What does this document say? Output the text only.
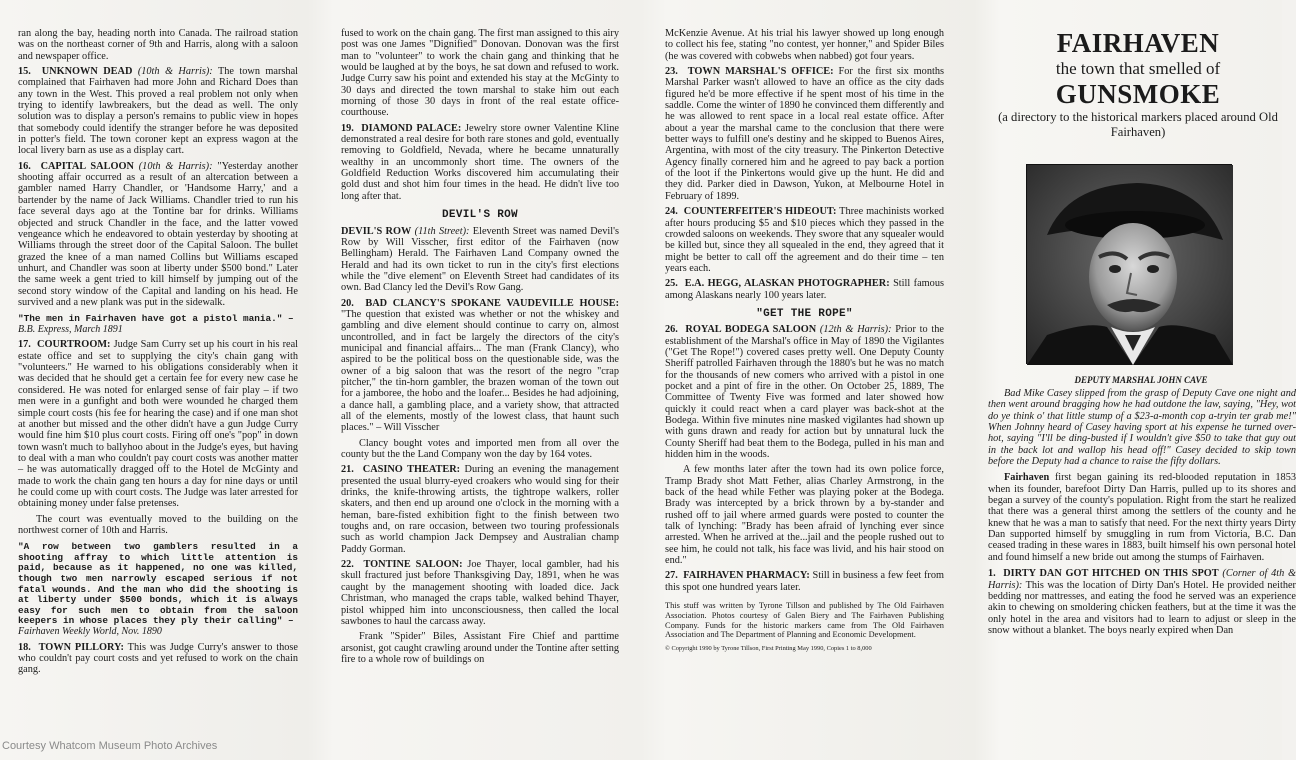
ran along the bay, heading north into Canada. The railroad station was on the northeast corner of 9th and Harris, along with a saloon and newspaper office.

15. UNKNOWN DEAD (10th & Harris): The town marshal complained that Fairhaven had more John and Richard Does than any town in the West. This proved a real problem not only when trying to identify lawbreakers, but the dead as well. The only solution was to display a person's remains to public view in hopes that somebody could identify the stranger before he was deposited in potter's field. The town coroner kept an express wagon at the local livery barn as use as a display cart.

16. CAPITAL SALOON (10th & Harris): "Yesterday another shooting affair occurred as a result of an altercation between a gambler named Harry Chandler, or 'Handsome Harry,' and a bartender by the name of Jack Williams. Chandler tried to run his face several days ago at the Tontine bar for drinks. Williams objected and struck Chandler in the face, and the latter vowed vengeance which he endeavored to obtain yesterday by shooting at Williams through the street door of the Capital Saloon. The bullet grazed the knee of a man named Collins but Williams escaped unhurt, and Chandler was soon at liberty under $500 bond." Later the same week a gent tried to kill himself by jumping out of the second story window of the Capital and landing on his head. He survived and a new plank was put in the sidewalk.

"The men in Fairhaven have got a pistol mania." –
B.B. Express, March 1891

17. COURTROOM: Judge Sam Curry set up his court in his real estate office and set to supplying the city's chain gang with "volunteers." He warned to his obligations considerably when it was decided that he should get a certain fee for every new case he considered. He was noted for enlarged sense of fair play – if two men were in a gunfight and both were wounded he charged them simple court costs (his fee for hearing the case) and if one man shot at another but missed and the other didn't have a gun Judge Curry would fine him $10 plus court costs. Firing off one's "pop" in down town wasn't much to ballyhoo about in the Judge's eyes, but having to deal with a man who couldn't pay court costs was another matter – he was automatically dragged off to the Hotel de McGinty and made to work the chain gang ten hours a day for nine days or until he could come up with court costs. The Judge was later arrested for obtaining money under false pretenses.

The court was eventually moved to the building on the northwest corner of 10th and Harris.

"A row between two gamblers resulted in a shooting affray to which little attention is paid, because as it happened, no one was killed, though two men narrowly escaped serious if not fatal wounds. And the man who did the shooting is at liberty under $500 bonds, which it is always easy for such men to obtain from the saloon keepers in whose places they ply their calling" –
Fairhaven Weekly World, Nov. 1890

18. TOWN PILLORY: This was Judge Curry's answer to those who couldn't pay court costs and yet refused to work on the chain gang.

fused to work on the chain gang. The first man assigned to this airy post was one James "Dignified" Donovan. Donovan was the first man to "volunteer" to work the chain gang and thinking that he would be laughed at by the boys, he sat down and refused to work. Judge Curry saw his point and extended his stay at the McGinty to 30 days and directed the town marshal to stake him out each morning of those 30 days in front of the real estate office-courthouse.

19. DIAMOND PALACE: Jewelry store owner Valentine Kline demonstrated a real desire for both rare stones and gold, eventually removing to Goldfield, Nevada, where he became unnaturally wealthy in an uncommonly short time. The owners of the Goldfield Reduction Works discovered him accumulating their gold dust and shot him four times in the head. He didn't live too long after that.

DEVIL'S ROW

DEVIL'S ROW (11th Street): Eleventh Street was named Devil's Row by Will Visscher, first editor of the Fairhaven (now Bellingham) Herald. The Fairhaven Land Company owned the Herald and had its own ticket to run in the city's first elections while the "dive element" on Eleventh Street had candidates of its own. Bad Clancy led the Devil's Row Gang.

20. BAD CLANCY'S SPOKANE VAUDEVILLE HOUSE: "The question that existed was whether or not the whiskey and gambling and dive element should continue to carry on, almost uncontrolled, and in fact be largely the directors of the city's municipal and financial affairs... The man (Frank Clancy), who aspired to be the political boss on the questionable side, was the owner of a big saloon that was the resort of the negro "crap pitcher," the tin-horn gambler, the brazen woman of the town out for a jamboree, the hobo and the loafer... Besides he had adjoining, a dance hall, a gambling place, and a variety show, that attracted all of the elements, mostly of the lowest class, that haunt such places." – Will Visscher

Clancy bought votes and imported men from all over the county but the the Land Company won the day by 164 votes.

21. CASINO THEATER: During an evening the management presented the usual blurry-eyed croakers who would sing for their drinks, the knife-throwing artists, the tightrope walkers, roller skaters, and then end up around one o'clock in the morning with a heman, bare-fisted exhibition fight to the finish between two toughs and, on rare occasion, between two touring professionals such as world champion Jack Dempsey and Australian champ Paddy Gorman.

22. TONTINE SALOON: Joe Thayer, local gambler, had his skull fractured just before Thanksgiving Day, 1891, when he was caught by the management shooting with loaded dice. Jack Christman, who managed the craps table, walked behind Thayer, pistol whipped him into unconsciousness, then called the local sawbones to haul the carcass away.

Frank "Spider" Biles, Assistant Fire Chief and parttime arsonist, got caught crawling around under the Tontine after setting fire to a whole row of buildings on

McKenzie Avenue. At his trial his lawyer showed up long enough to collect his fee, stating "no contest, yer honner," and Spider Biles (he was covered with cobwebs when nabbed) got four years.

23. TOWN MARSHAL'S OFFICE: For the first six months Marshal Parker wasn't allowed to have an office as the city dads figured he'd be more effective if he spent most of his time in the saddle. Come the winter of 1890 he convinced them differently and he was allowed to rent space in a local real estate office. After about a year the marshal came to the conclusion that there were better ways to fulfill one's destiny and he skipped to Buenos Aires, Argentina, with most of the city treasury. The Pinkerton Detective Agency finally cornered him and he agreed to pay back a portion of the loot if the Pinkertons would give up the hunt. He did and they did. Parker died in Dawson, Yukon, at Melbourne Hotel in February of 1899.

24. COUNTERFEITER'S HIDEOUT: Three machinists worked after hours producing $5 and $10 pieces which they passed in the crowded saloons on weekends. They swore that any squealer would be killed but, since they all squealed in the end, they agreed that it might be better to call off the agreement and do their time – ten years each.

25. E.A. HEGG, ALASKAN PHOTOGRAPHER: Still famous among Alaskans nearly 100 years later.

"GET THE ROPE"

26. ROYAL BODEGA SALOON (12th & Harris): Prior to the establishment of the Marshal's office in May of 1890 the Vigilantes ("Get The Rope!") covered cases pretty well. One Deputy County Sheriff patrolled Fairhaven through the 1880's but he was no match for the thousands of new comers who arrived with a pistol in one pocket and a pint of fire in the other. On October 25, 1889, The Committee of Twenty Five was formed and later showed how quickly it could react when a card player was back-shot at the Bodega. Within five minutes nine masked vigilantes had shown up with guns drawn and ready for action but by unnatural luck the County Sheriff had beat them to the Bodega, pulled in his man and hidden him in the woods.

A few months later after the town had its own police force, Tramp Brady shot Matt Fether, alias Charley Armstrong, in the back of the head while Fether was playing poker at the Bodega. Brady was intercepted by a brick thrown by a by-stander and rushed off to jail where armed guards were posted to counter the talk of lynching: "Brady has been afraid of lynching ever since arrested. When he arrived at the...jail and the people rushed out to see him, he could not talk, his face was livid, and his hair stood on end."

27. FAIRHAVEN PHARMACY: Still in business a few feet from this spot one hundred years later.

This stuff was written by Tyrone Tillson and published by The Old Fairhaven Association. Photos courtesy of Galen Biery and The Fairhaven Publishing Company. Funds for the historic markers came from The Old Fairhaven Association and The Department of Planning and Economic Development.

© Copyright 1990 by Tyrone Tillson, First Printing May 1990, Copies 1 to 8,000

FAIRHAVEN
the town that smelled of
GUNSMOKE
(a directory to the historical markers placed around Old Fairhaven)
DEPUTY MARSHAL JOHN CAVE

Bad Mike Casey slipped from the grasp of Deputy Cave one night and then went around bragging how he had outdone the law, saying, "Hey, wot do ye think o' that little stump of a $23-a-month cop a-tryin ter grab me!" When Johnny heard of Casey having sport at his expense he turned over-hot, saying "I'll be ding-busted if I wouldn't give $50 to take that guy out in the back lot and wallop his head off!" Casey decided to skip town before the Deputy had a chance to raise the fifty dollars.

Fairhaven first began gaining its red-blooded reputation in 1853 when its founder, barefoot Dirty Dan Harris, pulled up to its shores and began a survey of the county's population. Right from the start he realized that there was a general thirst among the settlers of the county and he knew that he was a man to satisfy that need. For the next thirty years Dirty Dan supported himself by smuggling in rum from Victoria, B.C. Dan ceased trading in these wares in 1883, built himself his own personal hotel and found himself a new bride out among the stumps of Fairhaven.

1. DIRTY DAN GOT HITCHED ON THIS SPOT (Corner of 4th & Harris): This was the location of Dirty Dan's Hotel. He provided neither bedding nor mattresses, and eating the food he served was an experience akin to chewing on smoldering chicken feathers, but at the time it was the only hotel in the area and visitors had to learn to adjust or sleep in the snow without a blanket. The boys nearly expired when Dan

Courtesy Whatcom Museum Photo Archives
